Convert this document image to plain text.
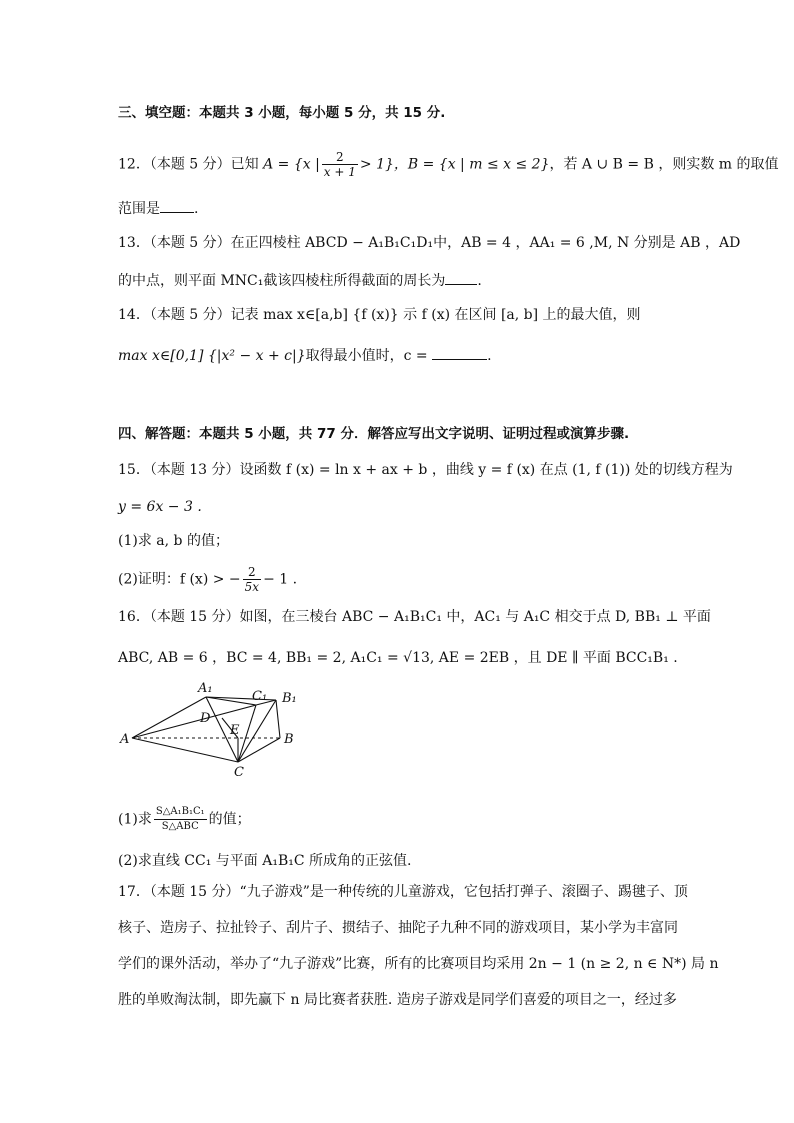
三、填空题：本题共 3 小题，每小题 5 分，共 15 分.
12．（本题 5 分）已知 A = {x | $\frac{2}{x + 1} > 1$}，B = {x | m ≤ x ≤ 2}，若 A ∪ B = B ，则实数 m 的取值
范围是 .
13．（本题 5 分）在正四棱柱 ABCD − A₁B₁C₁D₁中，AB = 4 ，AA₁ = 6 ,M, N 分别是 AB ，AD
的中点，则平面 MNC₁截该四棱柱所得截面的周长为 .
14．（本题 5 分）记表 max x∈[a,b] {f (x)} 示 f (x) 在区间 [a, b] 上的最大值，则
max x∈[0,1] {|x² − x + c|}取得最小值时，c =	.
四、解答题：本题共 5 小题，共 77 分．解答应写出文字说明、证明过程或演算步骤.
15．（本题 13 分）设函数 f (x) = ln x + ax + b ，曲线 y = f (x) 在点 (1, f (1)) 处的切线方程为
y = 6x − 3 .
(1)求 a, b 的值；
(2)证明：f (x) > − $\frac{2}{5x} - 1$ .
16．（本题 15 分）如图，在三棱台 ABC − A₁B₁C₁ 中，AC₁ 与 A₁C 相交于点 D, BB₁ ⊥ 平面
ABC, AB = 6 ，BC = 4, BB₁ = 2, A₁C₁ = √13, AE = 2EB ，且 DE ∥ 平面 BCC₁B₁ .
A₁
C₁ B₁
D
E
A	B
C
(1)求 $\frac{\text{S△A₁B₁C₁}}{\text{S△ABC}}$ 的值；
(2)求直线 CC₁ 与平面 A₁B₁C 所成角的正弦值.
17．（本题 15 分）“九子游戏”是一种传统的儿童游戏，它包括打弹子、滚圈子、踢毽子、顶
核子、造房子、拉扯铃子、刮片子、掼结子、抽陀子九种不同的游戏项目，某小学为丰富同
学们的课外活动，举办了“九子游戏”比赛，所有的比赛项目均采用 2n − 1 (n ≥ 2, n ∈ N*) 局 n
胜的单败淘汰制，即先赢下 n 局比赛者获胜. 造房子游戏是同学们喜爱的项目之一，经过多
